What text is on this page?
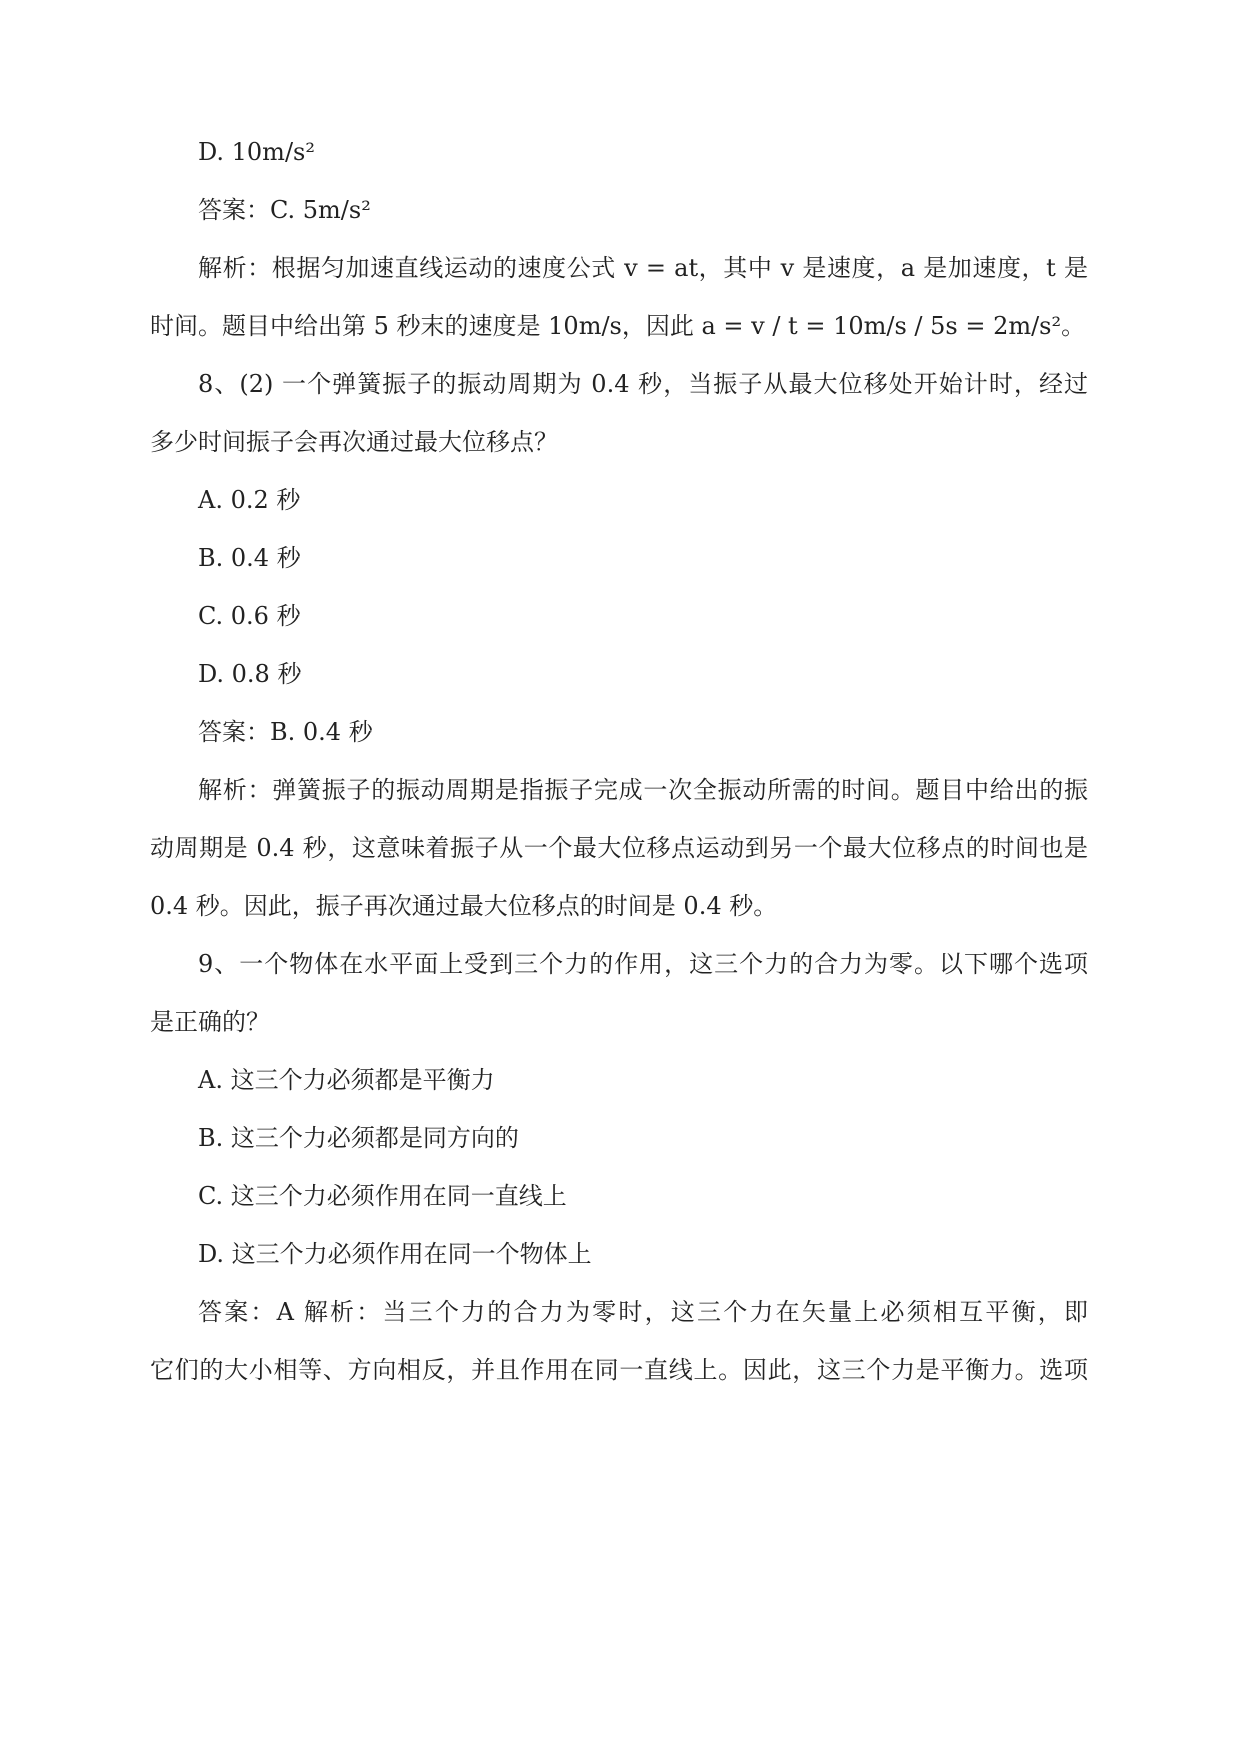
D. 10m/s²
答案：C. 5m/s²
解析：根据匀加速直线运动的速度公式 v = at，其中 v 是速度，a 是加速度，t 是
时间。题目中给出第 5 秒末的速度是 10m/s，因此 a = v / t = 10m/s / 5s = 2m/s²。
8、(2) 一个弹簧振子的振动周期为 0.4 秒，当振子从最大位移处开始计时，经过
多少时间振子会再次通过最大位移点？
A. 0.2 秒
B. 0.4 秒
C. 0.6 秒
D. 0.8 秒
答案：B. 0.4 秒
解析：弹簧振子的振动周期是指振子完成一次全振动所需的时间。题目中给出的振
动周期是 0.4 秒，这意味着振子从一个最大位移点运动到另一个最大位移点的时间也是
0.4 秒。因此，振子再次通过最大位移点的时间是 0.4 秒。
9、一个物体在水平面上受到三个力的作用，这三个力的合力为零。以下哪个选项
是正确的？
A. 这三个力必须都是平衡力
B. 这三个力必须都是同方向的
C. 这三个力必须作用在同一直线上
D. 这三个力必须作用在同一个物体上
答案：A 解析：当三个力的合力为零时，这三个力在矢量上必须相互平衡，即
它们的大小相等、方向相反，并且作用在同一直线上。因此，这三个力是平衡力。选项
